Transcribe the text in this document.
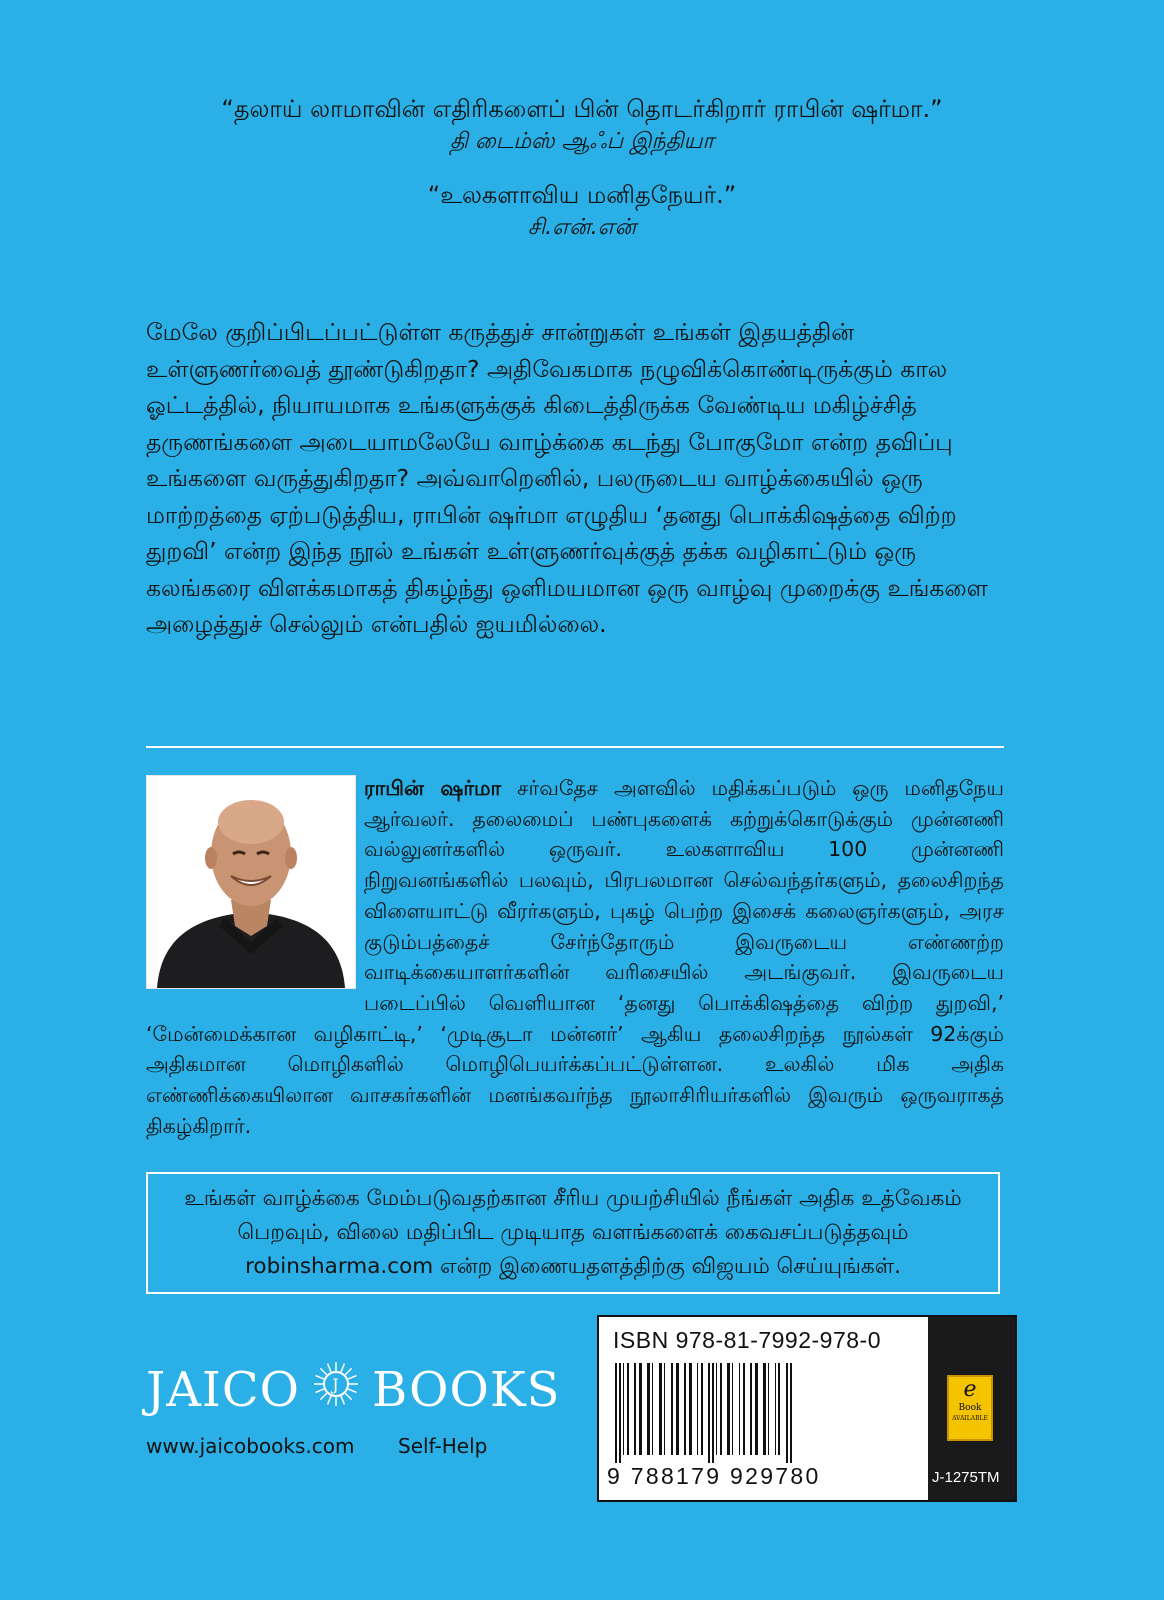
“தலாய் லாமாவின் எதிரிகளைப் பின் தொடர்கிறார் ராபின் ஷர்மா.”

தி டைம்ஸ் ஆஃப் இந்தியா

“உலகளாவிய மனிதநேயர்.”

சி.என்.என்

மேலே குறிப்பிடப்பட்டுள்ள கருத்துச் சான்றுகள் உங்கள் இதயத்தின் உள்ளுணர்வைத் தூண்டுகிறதா? அதிவேகமாக நழுவிக்கொண்டிருக்கும் கால ஓட்டத்தில், நியாயமாக உங்களுக்குக் கிடைத்திருக்க வேண்டிய மகிழ்ச்சித் தருணங்களை அடையாமலேயே வாழ்க்கை கடந்து போகுமோ என்ற தவிப்பு உங்களை வருத்துகிறதா? அவ்வாறெனில், பலருடைய வாழ்க்கையில் ஒரு மாற்றத்தை ஏற்படுத்திய, ராபின் ஷர்மா எழுதிய ‘தனது பொக்கிஷத்தை விற்ற துறவி’ என்ற இந்த நூல் உங்கள் உள்ளுணர்வுக்குத் தக்க வழிகாட்டும் ஒரு கலங்கரை விளக்கமாகத் திகழ்ந்து ஒளிமயமான ஒரு வாழ்வு முறைக்கு உங்களை அழைத்துச் செல்லும் என்பதில் ஐயமில்லை.

ராபின் ஷர்மா சர்வதேச அளவில் மதிக்கப்படும் ஒரு மனிதநேய ஆர்வலர். தலைமைப் பண்புகளைக் கற்றுக்கொடுக்கும் முன்னணி வல்லுனர்களில் ஒருவர். உலகளாவிய 100 முன்னணி நிறுவனங்களில் பலவும், பிரபலமான செல்வந்தர்களும், தலைசிறந்த விளையாட்டு வீரர்களும், புகழ் பெற்ற இசைக் கலைஞர்களும், அரச குடும்பத்தைச் சேர்ந்தோரும் இவருடைய எண்ணற்ற வாடிக்கையாளர்களின் வரிசையில் அடங்குவர். இவருடைய படைப்பில் வெளியான ‘தனது பொக்கிஷத்தை விற்ற துறவி,’ ‘மேன்மைக்கான வழிகாட்டி,’ ‘முடிசூடா மன்னர்’ ஆகிய தலைசிறந்த நூல்கள் 92க்கும் அதிகமான மொழிகளில் மொழிபெயர்க்கப்பட்டுள்ளன. உலகில் மிக அதிக எண்ணிக்கையிலான வாசகர்களின் மனங்கவர்ந்த நூலாசிரியர்களில் இவரும் ஒருவராகத் திகழ்கிறார்.

உங்கள் வாழ்க்கை மேம்படுவதற்கான சீரிய முயற்சியில் நீங்கள் அதிக உத்வேகம்
பெறவும், விலை மதிப்பிட முடியாத வளங்களைக் கைவசப்படுத்தவும்
robinsharma.com என்ற இணையதளத்திற்கு விஜயம் செய்யுங்கள்.
JAICO J BOOKS
www.jaicobooks.com Self-Help
ISBN 978-81-7992-978-0
9 788179 929780
e
Book
AVAILABLE
J-1275TM
